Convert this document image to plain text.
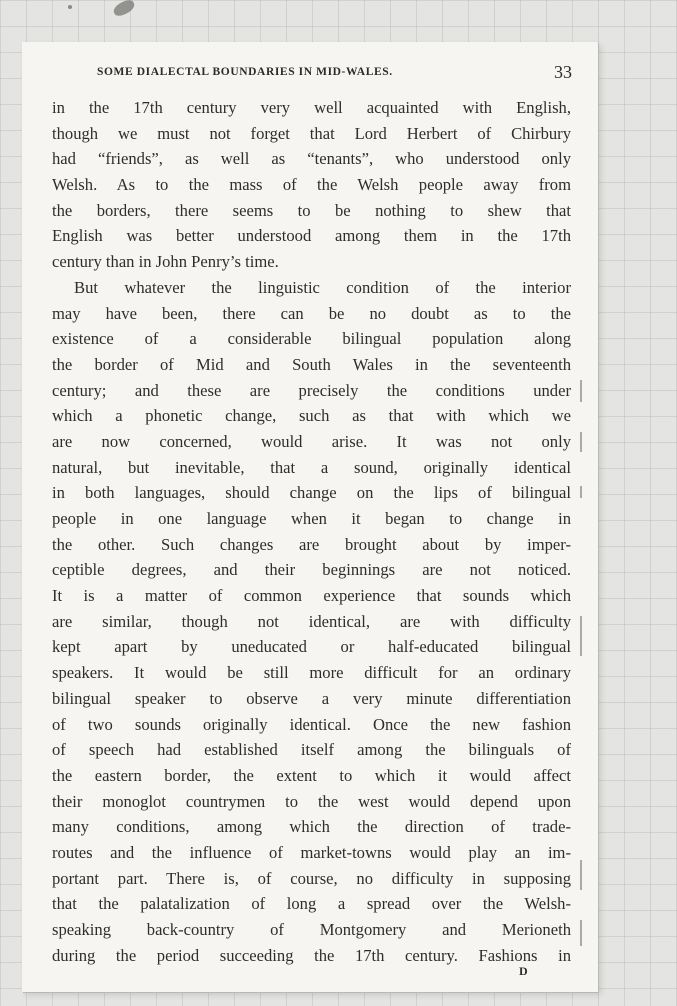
SOME DIALECTAL BOUNDARIES IN MID-WALES.	33
in the 17th century very well acquainted with English,
though we must not forget that Lord Herbert of Chirbury
had “friends”, as well as “tenants”, who understood only
Welsh. As to the mass of the Welsh people away from
the borders, there seems to be nothing to shew that
English was better understood among them in the 17th
century than in John Penry’s time.
But whatever the linguistic condition of the interior
may have been, there can be no doubt as to the
existence of a considerable bilingual population along
the border of Mid and South Wales in the seventeenth
century; and these are precisely the conditions under
which a phonetic change, such as that with which we
are now concerned, would arise. It was not only
natural, but inevitable, that a sound, originally identical
in both languages, should change on the lips of bilingual
people in one language when it began to change in
the other. Such changes are brought about by imper-
ceptible degrees, and their beginnings are not noticed.
It is a matter of common experience that sounds which
are similar, though not identical, are with difficulty
kept apart by uneducated or half-educated bilingual
speakers. It would be still more difficult for an ordinary
bilingual speaker to observe a very minute differentiation
of two sounds originally identical. Once the new fashion
of speech had established itself among the bilinguals of
the eastern border, the extent to which it would affect
their monoglot countrymen to the west would depend upon
many conditions, among which the direction of trade-
routes and the influence of market-towns would play an im-
portant part. There is, of course, no difficulty in supposing
that the palatalization of long a spread over the Welsh-
speaking back-country of Montgomery and Merioneth
during the period succeeding the 17th century. Fashions in
D
